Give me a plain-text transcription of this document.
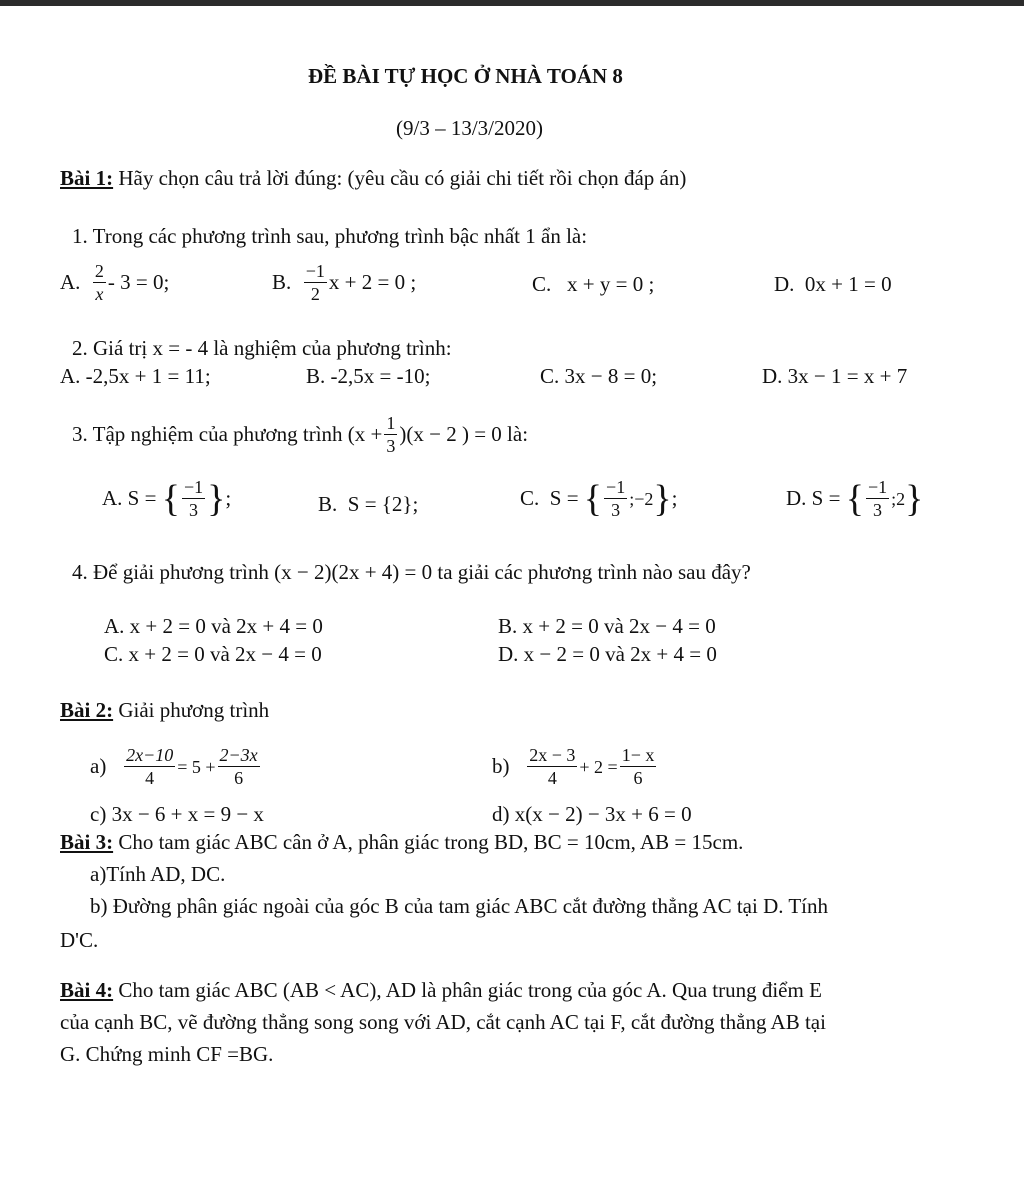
ĐỀ BÀI TỰ HỌC Ở NHÀ TOÁN 8
(9/3 – 13/3/2020)
Bài 1: Hãy chọn câu trả lời đúng: (yêu cầu có giải chi tiết rồi chọn đáp án)
1. Trong các phương trình sau, phương trình bậc nhất 1 ẩn là:
A.
$\frac{2}{x} - 3 = 0$;	B.
$\frac{-1}{2}$ x + 2 = 0 ;	C. x + y = 0 ;	D. 0x + 1 = 0
2. Giá trị x = - 4 là nghiệm của phương trình:
A. -2,5x + 1 = 11;	B. -2,5x = -10;	C. 3x − 8 = 0;	D. 3x − 1 = x + 7
3. Tập nghiệm của phương trình $(x + \frac{1}{3} )(x - 2$ ) = 0 là:
A.
S =
{ $\frac{-1}{3}$ } ;	B. S = {2};	C.
S =
{ $\frac{-1}{3}$ ;−2 } ;	D.
S =
{ $\frac{-1}{3}$ ;2 }
4. Để giải phương trình (x − 2)(2x + 4) = 0 ta giải các phương trình nào sau đây?
A. x + 2 = 0 và 2x + 4 = 0	B. x + 2 = 0 và 2x − 4 = 0
C. x + 2 = 0 và 2x − 4 = 0	D. x − 2 = 0 và 2x + 4 = 0
Bài 2: Giải phương trình
a)
$\frac{2x-10}{4} = 5 + \frac{2-3x}{6}$	b)
$\frac{2x - 3}{4} + 2 = \frac{1- x}{6}$
c) 3x − 6 + x = 9 − x	d) x(x − 2) − 3x + 6 = 0
Bài 3: Cho tam giác ABC cân ở A, phân giác trong BD, BC = 10cm, AB = 15cm.
a)Tính AD, DC.
b) Đường phân giác ngoài của góc B của tam giác ABC cắt đường thẳng AC tại D. Tính
D'C.
Bài 4: Cho tam giác ABC (AB < AC), AD là phân giác trong của góc A. Qua trung điểm E
của cạnh BC, vẽ đường thẳng song song với AD, cắt cạnh AC tại F, cắt đường thẳng AB tại
G. Chứng minh CF =BG.
